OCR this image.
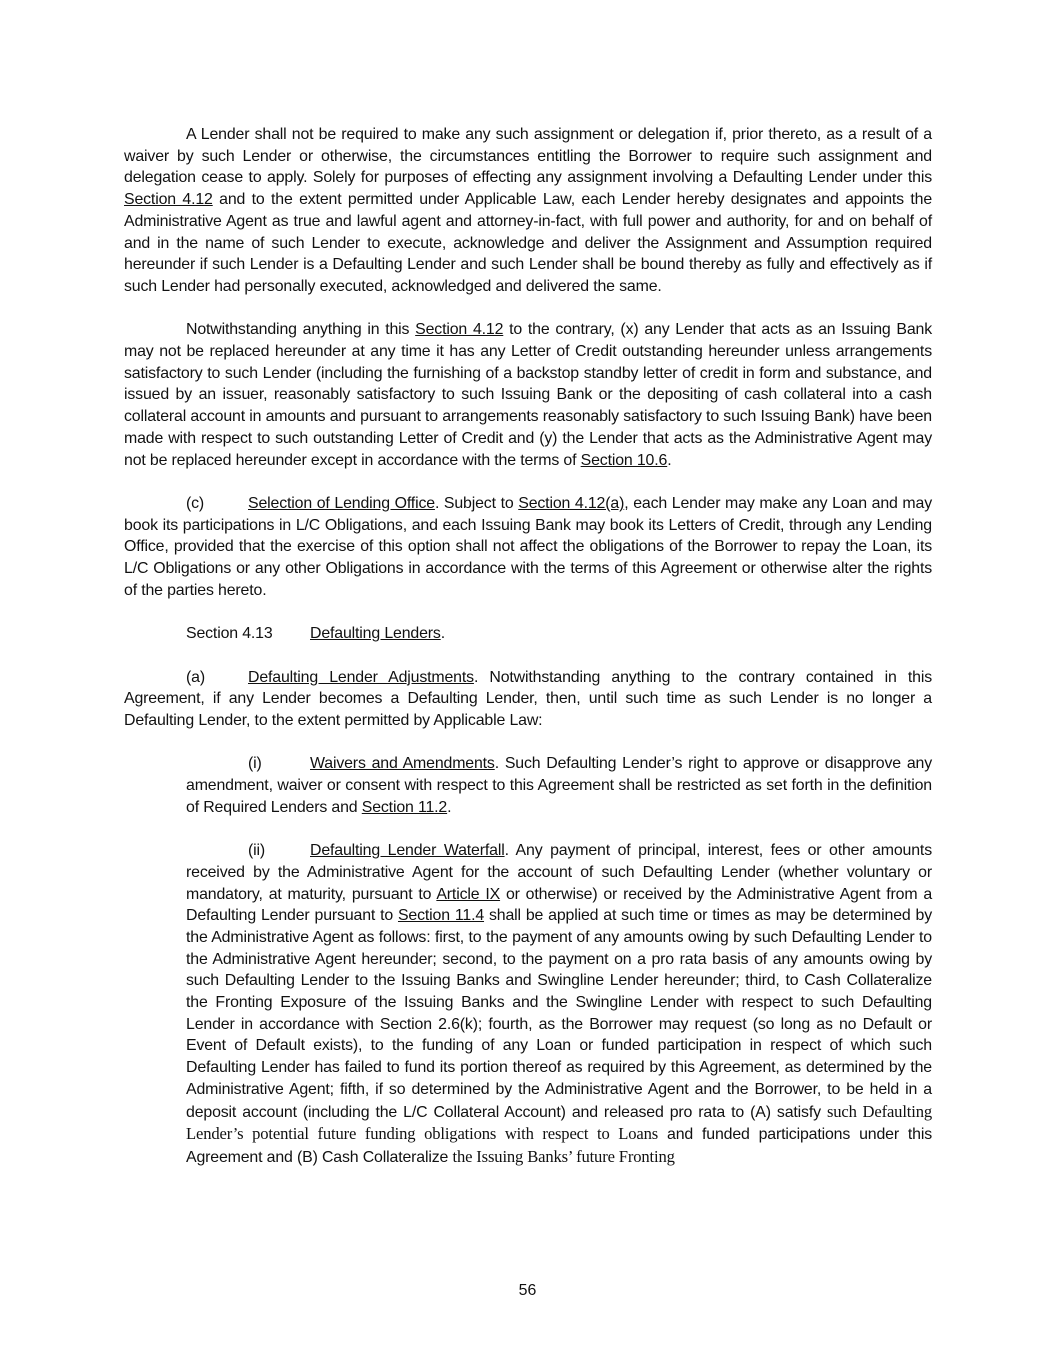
A Lender shall not be required to make any such assignment or delegation if, prior thereto, as a result of a waiver by such Lender or otherwise, the circumstances entitling the Borrower to require such assignment and delegation cease to apply. Solely for purposes of effecting any assignment involving a Defaulting Lender under this Section 4.12 and to the extent permitted under Applicable Law, each Lender hereby designates and appoints the Administrative Agent as true and lawful agent and attorney-in-fact, with full power and authority, for and on behalf of and in the name of such Lender to execute, acknowledge and deliver the Assignment and Assumption required hereunder if such Lender is a Defaulting Lender and such Lender shall be bound thereby as fully and effectively as if such Lender had personally executed, acknowledged and delivered the same.

Notwithstanding anything in this Section 4.12 to the contrary, (x) any Lender that acts as an Issuing Bank may not be replaced hereunder at any time it has any Letter of Credit outstanding hereunder unless arrangements satisfactory to such Lender (including the furnishing of a backstop standby letter of credit in form and substance, and issued by an issuer, reasonably satisfactory to such Issuing Bank or the depositing of cash collateral into a cash collateral account in amounts and pursuant to arrangements reasonably satisfactory to such Issuing Bank) have been made with respect to such outstanding Letter of Credit and (y) the Lender that acts as the Administrative Agent may not be replaced hereunder except in accordance with the terms of Section 10.6.

(c)	Selection of Lending Office. Subject to Section 4.12(a), each Lender may make any Loan and may book its participations in L/C Obligations, and each Issuing Bank may book its Letters of Credit, through any Lending Office, provided that the exercise of this option shall not affect the obligations of the Borrower to repay the Loan, its L/C Obligations or any other Obligations in accordance with the terms of this Agreement or otherwise alter the rights of the parties hereto.

Section 4.13 Defaulting Lenders.

(a)	Defaulting Lender Adjustments. Notwithstanding anything to the contrary contained in this Agreement, if any Lender becomes a Defaulting Lender, then, until such time as such Lender is no longer a Defaulting Lender, to the extent permitted by Applicable Law:

(i)	Waivers and Amendments. Such Defaulting Lender’s right to approve or disapprove any amendment, waiver or consent with respect to this Agreement shall be restricted as set forth in the definition of Required Lenders and Section 11.2.

(ii)	Defaulting Lender Waterfall. Any payment of principal, interest, fees or other amounts received by the Administrative Agent for the account of such Defaulting Lender (whether voluntary or mandatory, at maturity, pursuant to Article IX or otherwise) or received by the Administrative Agent from a Defaulting Lender pursuant to Section 11.4 shall be applied at such time or times as may be determined by the Administrative Agent as follows: first, to the payment of any amounts owing by such Defaulting Lender to the Administrative Agent hereunder; second, to the payment on a pro rata basis of any amounts owing by such Defaulting Lender to the Issuing Banks and Swingline Lender hereunder; third, to Cash Collateralize the Fronting Exposure of the Issuing Banks and the Swingline Lender with respect to such Defaulting Lender in accordance with Section 2.6(k); fourth, as the Borrower may request (so long as no Default or Event of Default exists), to the funding of any Loan or funded participation in respect of which such Defaulting Lender has failed to fund its portion thereof as required by this Agreement, as determined by the Administrative Agent; fifth, if so determined by the Administrative Agent and the Borrower, to be held in a deposit account (including the L/C Collateral Account) and released pro rata to (A) satisfy such Defaulting Lender’s potential future funding obligations with respect to Loans and funded participations under this Agreement and (B) Cash Collateralize the Issuing Banks’ future Fronting

56
